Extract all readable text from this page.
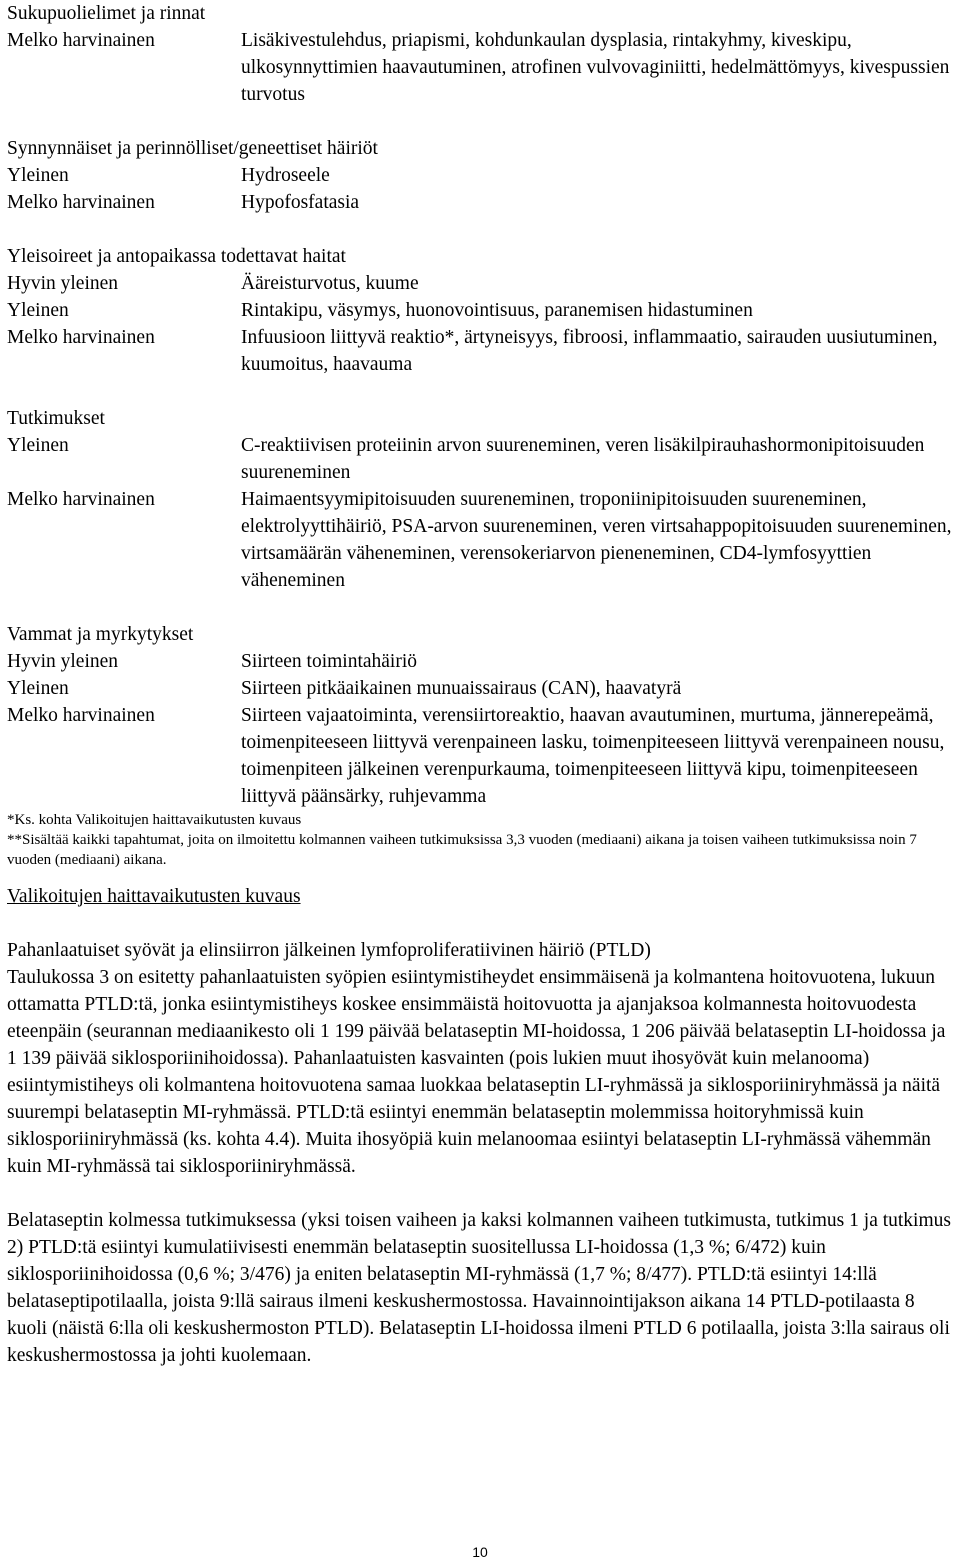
Sukupuolielimet ja rinnat
Melko harvinainen	Lisäkivestulehdus, priapismi, kohdunkaulan dysplasia, rintakyhmy, kiveskipu, ulkosynnyttimien haavautuminen, atrofinen vulvovaginiitti, hedelmättömyys, kivespussien turvotus
Synnynnäiset ja perinnölliset/geneettiset häiriöt
Yleinen	Hydroseele
Melko harvinainen	Hypofosfatasia
Yleisoireet ja antopaikassa todettavat haitat
Hyvin yleinen	Ääreisturvotus, kuume
Yleinen	Rintakipu, väsymys, huonovointisuus, paranemisen hidastuminen
Melko harvinainen	Infuusioon liittyvä reaktio*, ärtyneisyys, fibroosi, inflammaatio, sairauden uusiutuminen, kuumoitus, haavauma
Tutkimukset
Yleinen	C-reaktiivisen proteiinin arvon suureneminen, veren lisäkilpirauhashormonipitoisuuden suureneminen
Melko harvinainen	Haimaentsyymipitoisuuden suureneminen, troponiinipitoisuuden suureneminen, elektrolyyttihäiriö, PSA-arvon suureneminen, veren virtsahappopitoisuuden suureneminen, virtsamäärän väheneminen, verensokeriarvon pieneneminen, CD4-lymfosyyttien väheneminen
Vammat ja myrkytykset
Hyvin yleinen	Siirteen toimintahäiriö
Yleinen	Siirteen pitkäaikainen munuaissairaus (CAN), haavatyrä
Melko harvinainen	Siirteen vajaatoiminta, verensiirtoreaktio, haavan avautuminen, murtuma, jännerepeämä, toimenpiteeseen liittyvä verenpaineen lasku, toimenpiteeseen liittyvä verenpaineen nousu, toimenpiteen jälkeinen verenpurkauma, toimenpiteeseen liittyvä kipu, toimenpiteeseen liittyvä päänsärky, ruhjevamma
*Ks. kohta Valikoitujen haittavaikutusten kuvaus
**Sisältää kaikki tapahtumat, joita on ilmoitettu kolmannen vaiheen tutkimuksissa 3,3 vuoden (mediaani) aikana ja toisen vaiheen tutkimuksissa noin 7 vuoden (mediaani) aikana.
Valikoitujen haittavaikutusten kuvaus
Pahanlaatuiset syövät ja elinsiirron jälkeinen lymfoproliferatiivinen häiriö (PTLD)

Taulukossa 3 on esitetty pahanlaatuisten syöpien esiintymistiheydet ensimmäisenä ja kolmantena hoitovuotena, lukuun ottamatta PTLD:tä, jonka esiintymistiheys koskee ensimmäistä hoitovuotta ja ajanjaksoa kolmannesta hoitovuodesta eteenpäin (seurannan mediaanikesto oli 1 199 päivää belataseptin MI-hoidossa, 1 206 päivää belataseptin LI-hoidossa ja 1 139 päivää siklosporiinihoidossa). Pahanlaatuisten kasvainten (pois lukien muut ihosyövät kuin melanooma) esiintymistiheys oli kolmantena hoitovuotena samaa luokkaa belataseptin LI-ryhmässä ja siklosporiiniryhmässä ja näitä suurempi belataseptin MI-ryhmässä. PTLD:tä esiintyi enemmän belataseptin molemmissa hoitoryhmissä kuin siklosporiiniryhmässä (ks. kohta 4.4). Muita ihosyöpiä kuin melanoomaa esiintyi belataseptin LI-ryhmässä vähemmän kuin MI-ryhmässä tai siklosporiiniryhmässä.

Belataseptin kolmessa tutkimuksessa (yksi toisen vaiheen ja kaksi kolmannen vaiheen tutkimusta, tutkimus 1 ja tutkimus 2) PTLD:tä esiintyi kumulatiivisesti enemmän belataseptin suositellussa LI-hoidossa (1,3 %; 6/472) kuin siklosporiinihoidossa (0,6 %; 3/476) ja eniten belataseptin MI-ryhmässä (1,7 %; 8/477). PTLD:tä esiintyi 14:llä belataseptipotilaalla, joista 9:llä sairaus ilmeni keskushermostossa. Havainnointijakson aikana 14 PTLD-potilaasta 8 kuoli (näistä 6:lla oli keskushermoston PTLD). Belataseptin LI-hoidossa ilmeni PTLD 6 potilaalla, joista 3:lla sairaus oli keskushermostossa ja johti kuolemaan.

10
